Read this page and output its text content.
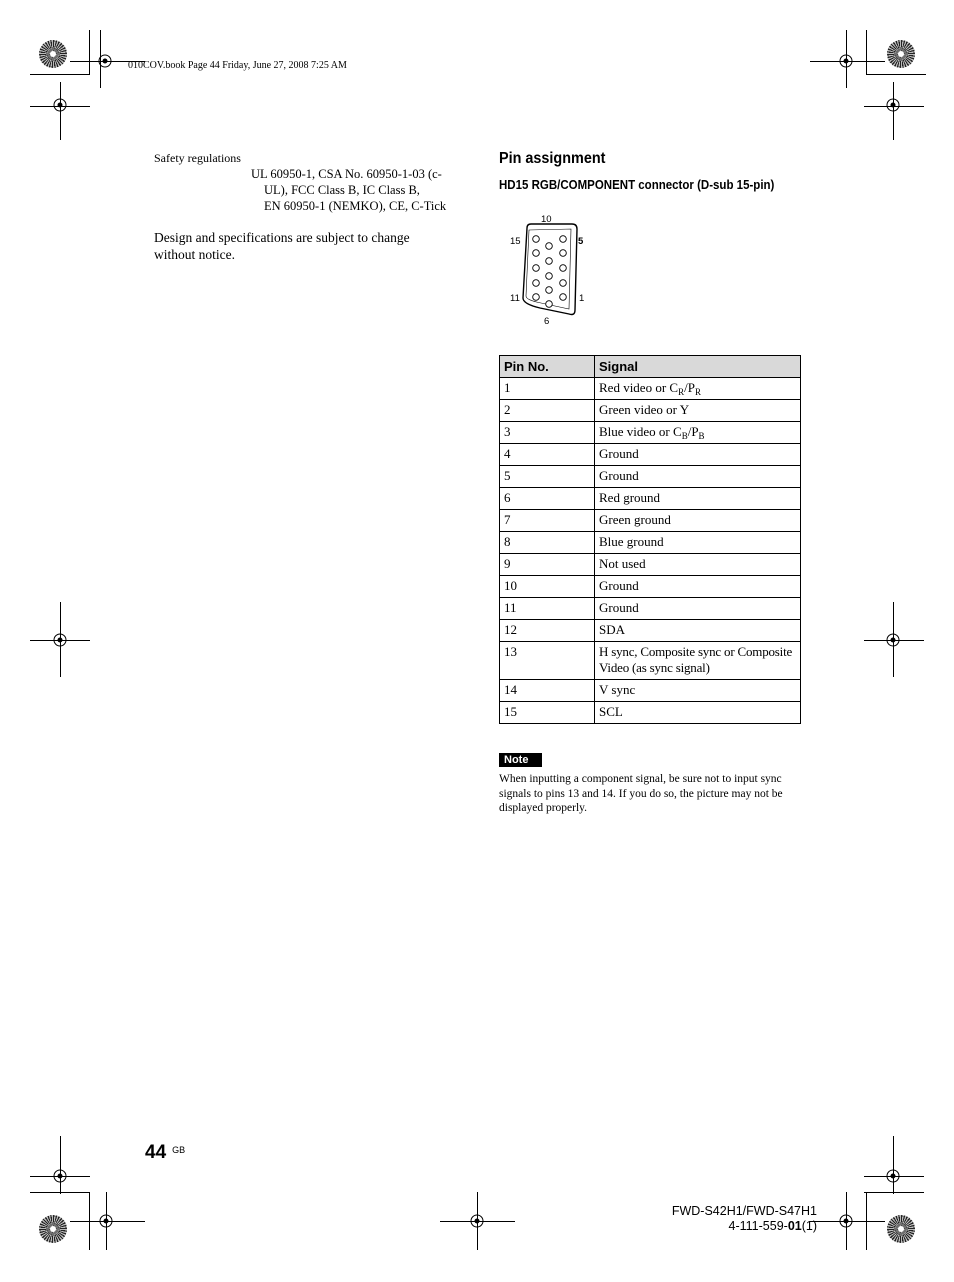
010COV.book Page 44 Friday, June 27, 2008 7:25 AM
Safety regulations
UL 60950-1, CSA No. 60950-1-03 (c-
UL), FCC Class B, IC Class B,
EN 60950-1 (NEMKO), CE, C-Tick
Design and specifications are subject to change
without notice.
Pin assignment
HD15 RGB/COMPONENT connector (D-sub 15-pin)
10
15	5
11	1
6
Pin No.	Signal
1	Red video or $C_R/P_R$
2	Green video or Y
3	Blue video or $C_B/P_B$
4	Ground
5	Ground
6	Red ground
7	Green ground
8	Blue ground
9	Not used
10	Ground
11	Ground
12	SDA
13	H sync, Composite sync or Composite Video (as sync signal)
14	V sync
15	SCL
Note
When inputting a component signal, be sure not to input sync
signals to pins 13 and 14. If you do so, the picture may not be
displayed properly.
44 $^{GB}$
FWD-S42H1/FWD-S47H1
4-111-559-01(1)
